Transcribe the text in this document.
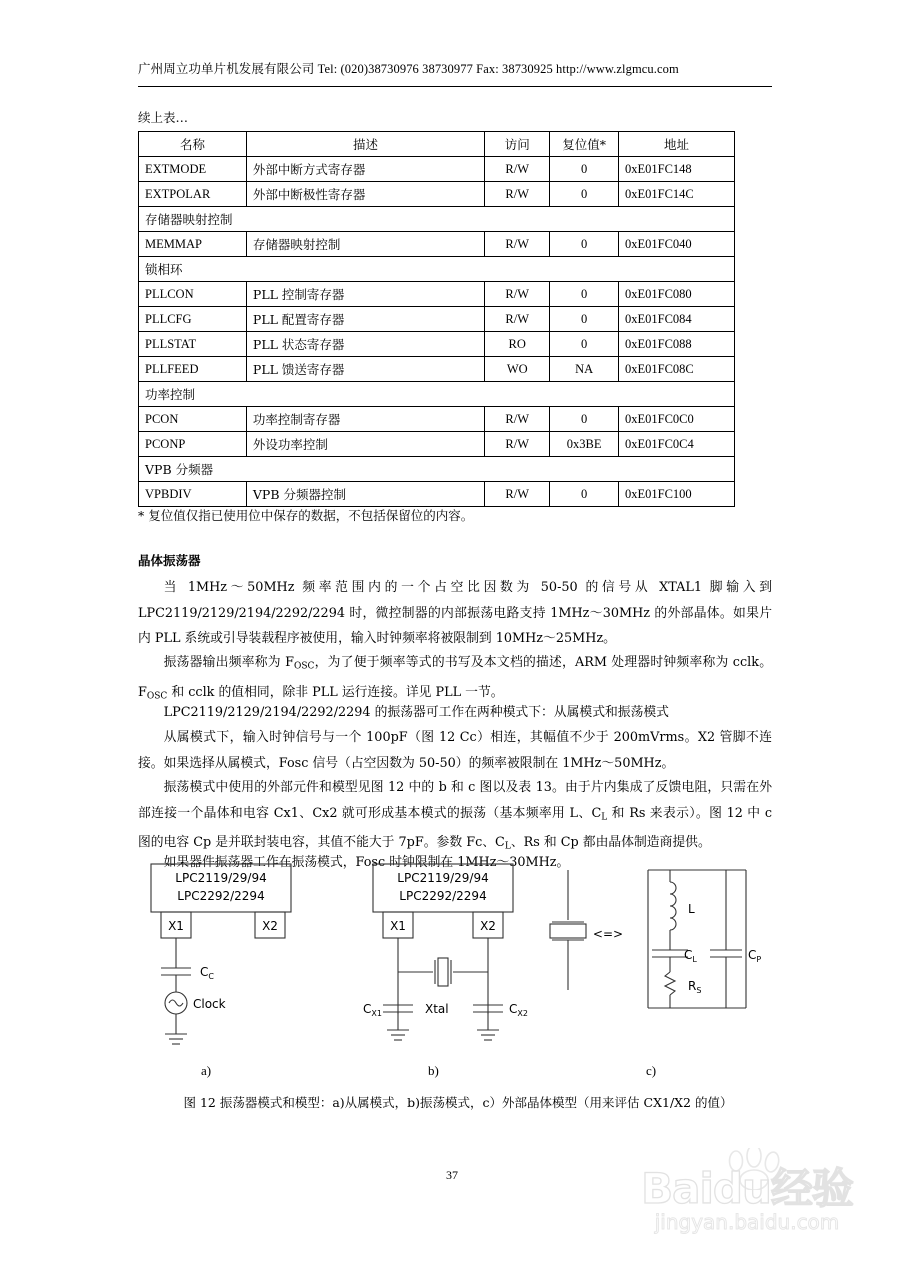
广州周立功单片机发展有限公司 Tel: (020)38730976 38730977 Fax: 38730925 http://www.zlgmcu.com
续上表…
名称	描述	访问	复位值*	地址
EXTMODE	外部中断方式寄存器	R/W	0	0xE01FC148
EXTPOLAR	外部中断极性寄存器	R/W	0	0xE01FC14C
存储器映射控制				
MEMMAP	存储器映射控制	R/W	0	0xE01FC040
锁相环				
PLLCON	PLL 控制寄存器	R/W	0	0xE01FC080
PLLCFG	PLL 配置寄存器	R/W	0	0xE01FC084
PLLSTAT	PLL 状态寄存器	RO	0	0xE01FC088
PLLFEED	PLL 馈送寄存器	WO	NA	0xE01FC08C
功率控制				
PCON	功率控制寄存器	R/W	0	0xE01FC0C0
PCONP	外设功率控制	R/W	0x3BE	0xE01FC0C4
VPB 分频器				
VPBDIV	VPB 分频器控制	R/W	0	0xE01FC100
* 复位值仅指已使用位中保存的数据，不包括保留位的内容。
晶体振荡器

当 1MHz～50MHz 频率范围内的一个占空比因数为 50-50 的信号从 XTAL1 脚输入到 LPC2119/2129/2194/2292/2294 时，微控制器的内部振荡电路支持 1MHz～30MHz 的外部晶体。如果片内 PLL 系统或引导装载程序被使用，输入时钟频率将被限制到 10MHz～25MHz。

振荡器输出频率称为 $F_{OSC}$，为了便于频率等式的书写及本文档的描述，ARM 处理器时钟频率称为 cclk。$F_{OSC}$ 和 cclk 的值相同，除非 PLL 运行连接。详见 PLL 一节。

LPC2119/2129/2194/2292/2294 的振荡器可工作在两种模式下：从属模式和振荡模式

从属模式下，输入时钟信号与一个 100pF（图 12 Cc）相连，其幅值不少于 200mVrms。X2 管脚不连接。如果选择从属模式，Fosc 信号（占空因数为 50-50）的频率被限制在 1MHz～50MHz。

振荡模式中使用的外部元件和模型见图 12 中的 b 和 c 图以及表 13。由于片内集成了反馈电阻，只需在外部连接一个晶体和电容 Cx1、Cx2 就可形成基本模式的振荡（基本频率用 L、$C_L$ 和 Rs 来表示）。图 12 中 c 图的电容 Cp 是并联封装电容，其值不能大于 7pF。参数 Fc、$C_L$、Rs 和 Cp 都由晶体制造商提供。

如果器件振荡器工作在振荡模式，Fosc 时钟限制在 1MHz～30MHz。

LPC2119/29/94
LPC2292/2294
X1	X2
$C_C$
Clock
LPC2119/29/94
LPC2292/2294
X1	X2
$C_{X1}$	Xtal	$C_{X2}$
<=>
L
$C_L$	$C_P$
$R_S$
a)	b)	c)
图 12 振荡器模式和模型：a)从属模式，b)振荡模式，c）外部晶体模型（用来评估 CX1/X2 的值）
37	Baidu经验
jingyan.baidu.com
